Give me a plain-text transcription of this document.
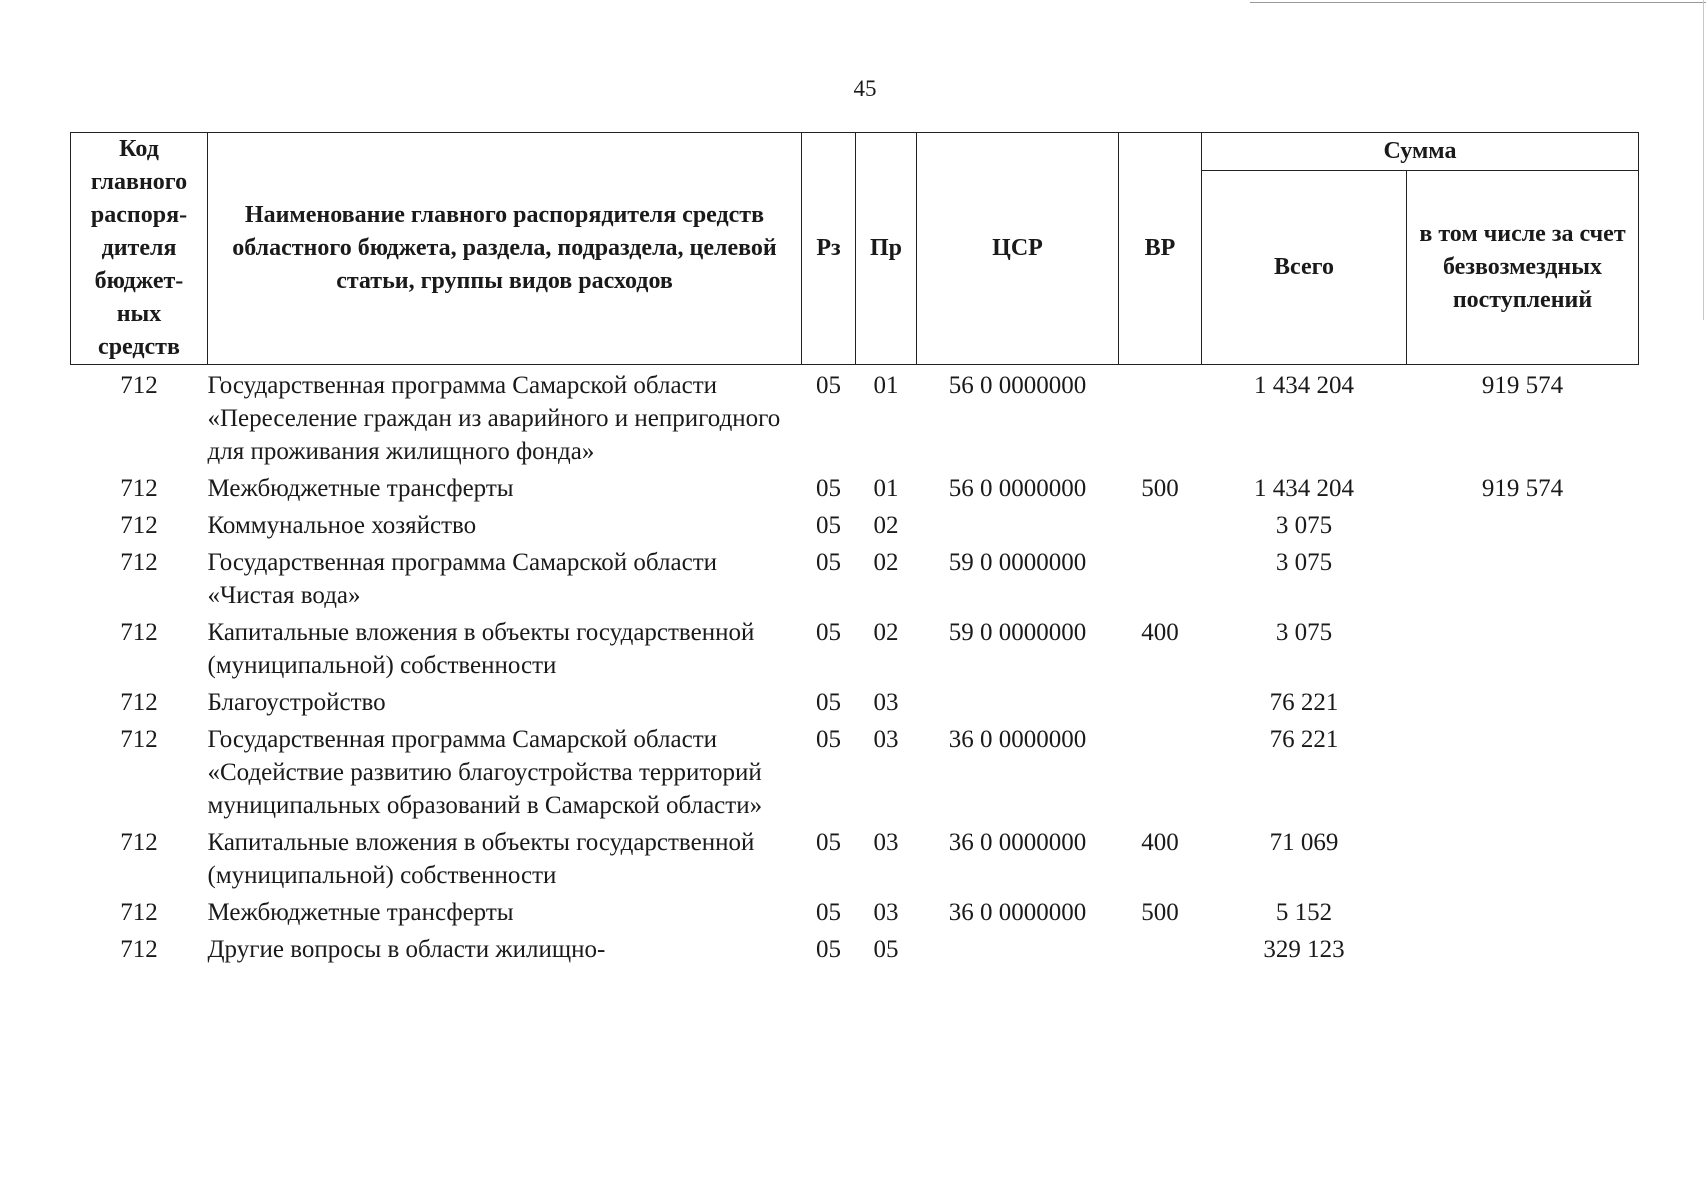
45
Код главного распоря-дителя бюджет-ных средств	Наименование главного распорядителя средств областного бюджета, раздела, подраздела, целевой статьи, группы видов расходов	Рз	Пр	ЦСР	ВР	Сумма	
						Всего	в том числе за счет безвозмездных поступлений
712	Государственная программа Самарской области «Переселение граждан из аварийного и непригодного для проживания жилищного фонда»	05	01	56 0 0000000		1 434 204	919 574
712	Межбюджетные трансферты	05	01	56 0 0000000	500	1 434 204	919 574
712	Коммунальное хозяйство	05	02			3 075	
712	Государственная программа Самарской области «Чистая вода»	05	02	59 0 0000000		3 075	
712	Капитальные вложения в объекты государственной (муниципальной) собственности	05	02	59 0 0000000	400	3 075	
712	Благоустройство	05	03			76 221	
712	Государственная программа Самарской области «Содействие развитию благоустройства территорий муниципальных образований в Самарской области»	05	03	36 0 0000000		76 221	
712	Капитальные вложения в объекты государственной (муниципальной) собственности	05	03	36 0 0000000	400	71 069	
712	Межбюджетные трансферты	05	03	36 0 0000000	500	5 152	
712	Другие вопросы в области жилищно-	05	05			329 123	
